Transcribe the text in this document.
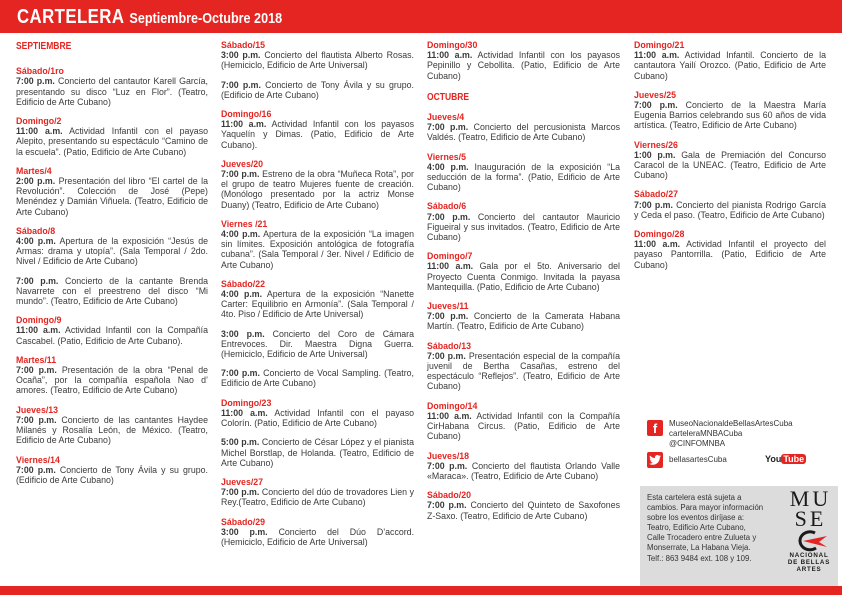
CARTELERA Septiembre-Octubre 2018
SEPTIEMBRE
Sábado/1ro
7:00 p.m. Concierto del cantautor Karell García, presentando su disco “Luz en Flor”. (Teatro, Edificio de Arte Cubano)
Domingo/2
11:00 a.m. Actividad Infantil con el payaso Alepito, presentando su espectáculo “Camino de la escuela”. (Patio, Edificio de Arte Cubano)
Martes/4
2:00 p.m. Presentación del libro “El cartel de la Revolución”. Colección de José (Pepe) Menéndez y Damián Viñuela. (Teatro, Edificio de Arte Cubano)
Sábado/8
4:00 p.m. Apertura de la exposición “Jesús de Armas: drama y utopía”. (Sala Temporal / 2do. Nivel / Edificio de Arte Cubano)
7:00 p.m. Concierto de la cantante Brenda Navarrete con el preestreno del disco “Mi mundo”. (Teatro, Edificio de Arte Cubano)
Domingo/9
11:00 a.m. Actividad Infantil con la Compañía Cascabel. (Patio, Edificio de Arte Cubano).
Martes/11
7:00 p.m. Presentación de la obra “Penal de Ocaña”, por la compañía española Nao d’ amores. (Teatro, Edificio de Arte Cubano)
Jueves/13
7:00 p.m. Concierto de las cantantes Haydee Milanés y Rosalía León, de México. (Teatro, Edificio de Arte Cubano)
Viernes/14
7:00 p.m. Concierto de Tony Ávila y su grupo. (Edificio de Arte Cubano)
Sábado/15
3:00 p.m. Concierto del flautista Alberto Rosas. (Hemiciclo, Edificio de Arte Universal)
7:00 p.m. Concierto de Tony Ávila y su grupo. (Edificio de Arte Cubano)
Domingo/16
11:00 a.m. Actividad Infantil con los payasos Yaquelín y Dimas. (Patio, Edificio de Arte Cubano).
Jueves/20
7:00 p.m. Estreno de la obra “Muñeca Rota”, por el grupo de teatro Mujeres fuente de creación. (Monólogo presentado por la actriz Monse Duany) (Teatro, Edificio de Arte Cubano)
Viernes /21
4:00 p.m. Apertura de la exposición “La imagen sin límites. Exposición antológica de fotografía cubana”. (Sala Temporal / 3er. Nivel / Edificio de Arte Cubano)
Sábado/22
4:00 p.m. Apertura de la exposición “Nanette Carter: Equilibrio en Armonía”. (Sala Temporal / 4to. Piso / Edificio de Arte Universal)
3:00 p.m. Concierto del Coro de Cámara Entrevoces. Dir. Maestra Digna Guerra. (Hemiciclo, Edificio de Arte Universal)
7:00 p.m. Concierto de Vocal Sampling. (Teatro, Edificio de Arte Cubano)
Domingo/23
11:00 a.m. Actividad Infantil con el payaso Colorín. (Patio, Edificio de Arte Cubano)
5:00 p.m. Concierto de César López y el pianista Michel Borstlap, de Holanda. (Teatro, Edificio de Arte Cubano)
Jueves/27
7:00 p.m. Concierto del dúo de trovadores Lien y Rey.(Teatro, Edificio de Arte Cubano)
Sábado/29
3:00 p.m. Concierto del Dúo D’accord. (Hemiciclo, Edificio de Arte Universal)
Domingo/30
11:00 a.m. Actividad Infantil con los payasos Pepinillo y Cebollita. (Patio, Edificio de Arte Cubano)
OCTUBRE
Jueves/4
7:00 p.m. Concierto del percusionista Marcos Valdés. (Teatro, Edificio de Arte Cubano)
Viernes/5
4:00 p.m. Inauguración de la exposición “La seducción de la forma”. (Patio, Edificio de Arte Cubano)
Sábado/6
7:00 p.m. Concierto del cantautor Mauricio Figueiral y sus invitados. (Teatro, Edificio de Arte Cubano)
Domingo/7
11:00 a.m. Gala por el 5to. Aniversario del Proyecto Cuenta Conmigo. Invitada la payasa Mantequilla. (Patio, Edificio de Arte Cubano)
Jueves/11
7:00 p.m. Concierto de la Camerata Habana Martín. (Teatro, Edificio de Arte Cubano)
Sábado/13
7:00 p.m. Presentación especial de la compañía juvenil de Bertha Casañas, estreno del espectáculo “Reflejos”. (Teatro, Edificio de Arte Cubano)
Domingo/14
11:00 a.m. Actividad Infantil con la Compañía CirHabana Circus. (Patio, Edificio de Arte Cubano)
Jueves/18
7:00 p.m. Concierto del flautista Orlando Valle «Maraca». (Teatro, Edificio de Arte Cubano)
Sábado/20
7:00 p.m. Concierto del Quinteto de Saxofones Z-Saxo. (Teatro, Edificio de Arte Cubano)
Domingo/21
11:00 a.m. Actividad Infantil. Concierto de la cantautora Yailí Orozco. (Patio, Edificio de Arte Cubano)
Jueves/25
7:00 p.m. Concierto de la Maestra María Eugenia Barrios celebrando sus 60 años de vida artística. (Teatro, Edificio de Arte Cubano)
Viernes/26
1:00 p.m. Gala de Premiación del Concurso Caracol de la UNEAC. (Teatro, Edificio de Arte Cubano)
Sábado/27
7:00 p.m. Concierto del pianista Rodrigo García y Ceda el paso. (Teatro, Edificio de Arte Cubano)
Domingo/28
11:00 a.m. Actividad Infantil el proyecto del payaso Pantorrilla. (Patio, Edificio de Arte Cubano)
f	MuseoNacionaldeBellasArtesCuba
carteleraMNBACuba
@CINFOMNBA
bellasartesCuba	You Tube
Esta cartelera está sujeta a cambios. Para mayor información sobre los eventos diríjase a: Teatro, Edificio Arte Cubano, Calle Trocadero entre Zulueta y Monserrate, La Habana Vieja. Telf.: 863 9484 ext. 108 y 109.
MU
SE
NACIONAL
DE BELLAS
ARTES
